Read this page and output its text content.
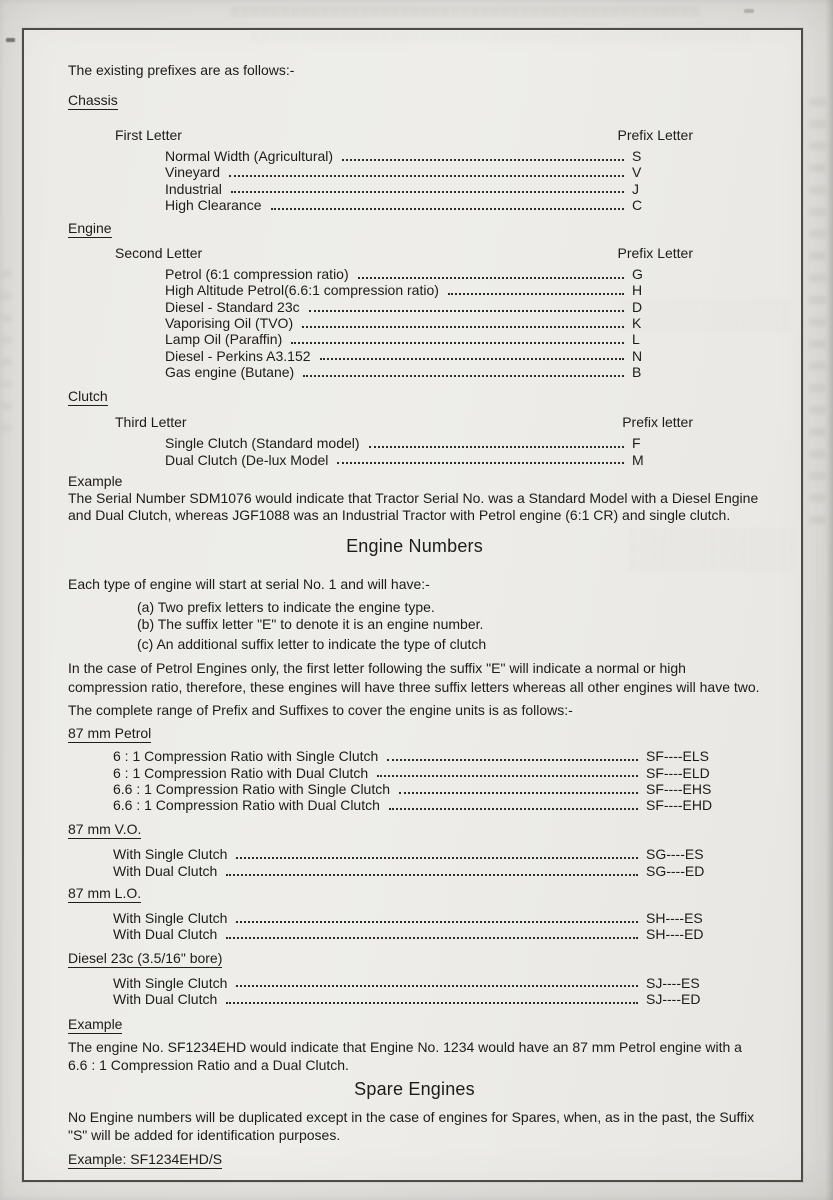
The existing prefixes are as follows:-

Chassis
First Letter	Prefix Letter
Normal Width (Agricultural)	S
Vineyard	V
Industrial	J
High Clearance	C
Engine
Second Letter	Prefix Letter
Petrol (6:1 compression ratio)	G
High Altitude Petrol(6.6:1 compression ratio)	H
Diesel - Standard 23c	D
Vaporising Oil (TVO)	K
Lamp Oil (Paraffin)	L
Diesel - Perkins A3.152	N
Gas engine (Butane)	B
Clutch
Third Letter	Prefix letter
Single Clutch (Standard model)	F
Dual Clutch (De-lux Model	M

Example

The Serial Number SDM1076 would indicate that Tractor Serial No. was a Standard Model with a Diesel Engine and Dual Clutch, whereas JGF1088 was an Industrial Tractor with Petrol engine (6:1 CR) and single clutch.

Engine Numbers

Each type of engine will start at serial No. 1 and will have:-

(a) Two prefix letters to indicate the engine type.
(b) The suffix letter "E" to denote it is an engine number.
(c) An additional suffix letter to indicate the type of clutch

In the case of Petrol Engines only, the first letter following the suffix "E" will indicate a normal or high compression ratio, therefore, these engines will have three suffix letters whereas all other engines will have two.

The complete range of Prefix and Suffixes to cover the engine units is as follows:-

87 mm Petrol
6 : 1 Compression Ratio with Single Clutch	SF----ELS
6 : 1 Compression Ratio with Dual Clutch	SF----ELD
6.6 : 1 Compression Ratio with Single Clutch	SF----EHS
6.6 : 1 Compression Ratio with Dual Clutch	SF----EHD
87 mm V.O.
With Single Clutch	SG----ES
With Dual Clutch	SG----ED
87 mm L.O.
With Single Clutch	SH----ES
With Dual Clutch	SH----ED
Diesel 23c (3.5/16" bore)
With Single Clutch	SJ----ES
With Dual Clutch	SJ----ED
Example

The engine No. SF1234EHD would indicate that Engine No. 1234 would have an 87 mm Petrol engine with a 6.6 : 1 Compression Ratio and a Dual Clutch.

Spare Engines

No Engine numbers will be duplicated except in the case of engines for Spares, when, as in the past, the Suffix "S" will be added for identification purposes.

Example: SF1234EHD/S
